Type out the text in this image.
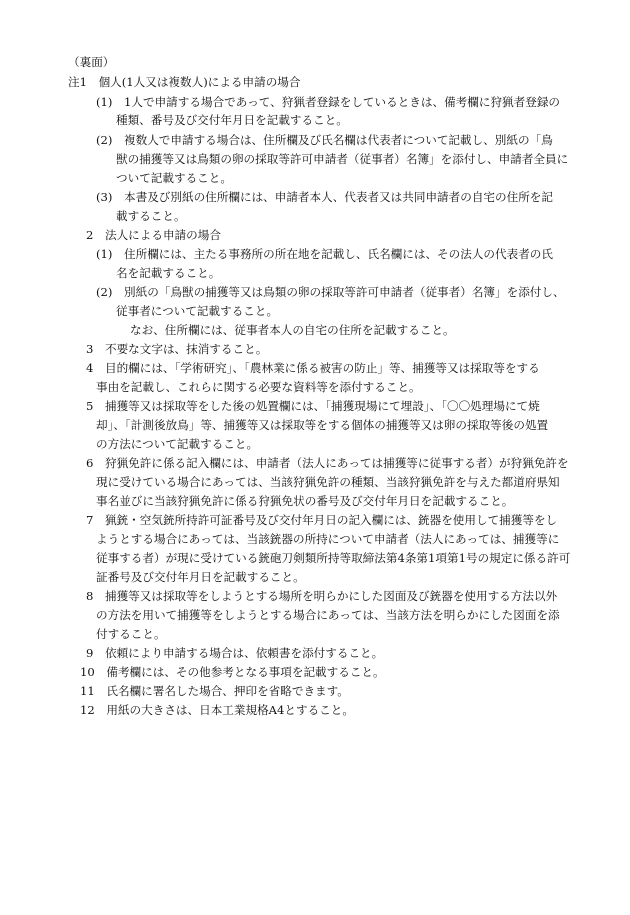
（裏面）
注1　個人(1人又は複数人)による申請の場合
(1)　1人で申請する場合であって、狩猟者登録をしているときは、備考欄に狩猟者登録の
種類、番号及び交付年月日を記載すること。
(2)　複数人で申請する場合は、住所欄及び氏名欄は代表者について記載し、別紙の「鳥
獣の捕獲等又は鳥類の卵の採取等許可申請者（従事者）名簿」を添付し、申請者全員に
ついて記載すること。
(3)　本書及び別紙の住所欄には、申請者本人、代表者又は共同申請者の自宅の住所を記
載すること。
2　法人による申請の場合
(1)　住所欄には、主たる事務所の所在地を記載し、氏名欄には、その法人の代表者の氏
名を記載すること。
(2)　別紙の「鳥獣の捕獲等又は鳥類の卵の採取等許可申請者（従事者）名簿」を添付し、
従事者について記載すること。
なお、住所欄には、従事者本人の自宅の住所を記載すること。
3　不要な文字は、抹消すること。
4　目的欄には、「学術研究」、「農林業に係る被害の防止」等、捕獲等又は採取等をする
事由を記載し、これらに関する必要な資料等を添付すること。
5　捕獲等又は採取等をした後の処置欄には、「捕獲現場にて埋設」、「〇〇処理場にて焼
却」、「計測後放鳥」等、捕獲等又は採取等をする個体の捕獲等又は卵の採取等後の処置
の方法について記載すること。
6　狩猟免許に係る記入欄には、申請者（法人にあっては捕獲等に従事する者）が狩猟免許を
現に受けている場合にあっては、当該狩猟免許の種類、当該狩猟免許を与えた都道府県知
事名並びに当該狩猟免許に係る狩猟免状の番号及び交付年月日を記載すること。
7　猟銃・空気銃所持許可証番号及び交付年月日の記入欄には、銃器を使用して捕獲等をし
ようとする場合にあっては、当該銃器の所持について申請者（法人にあっては、捕獲等に
従事する者）が現に受けている銃砲刀剣類所持等取締法第4条第1項第1号の規定に係る許可
証番号及び交付年月日を記載すること。
8　捕獲等又は採取等をしようとする場所を明らかにした図面及び銃器を使用する方法以外
の方法を用いて捕獲等をしようとする場合にあっては、当該方法を明らかにした図面を添
付すること。
9　依頼により申請する場合は、依頼書を添付すること。
10　備考欄には、その他参考となる事項を記載すること。
11　氏名欄に署名した場合、押印を省略できます。
12　用紙の大きさは、日本工業規格A4とすること。
